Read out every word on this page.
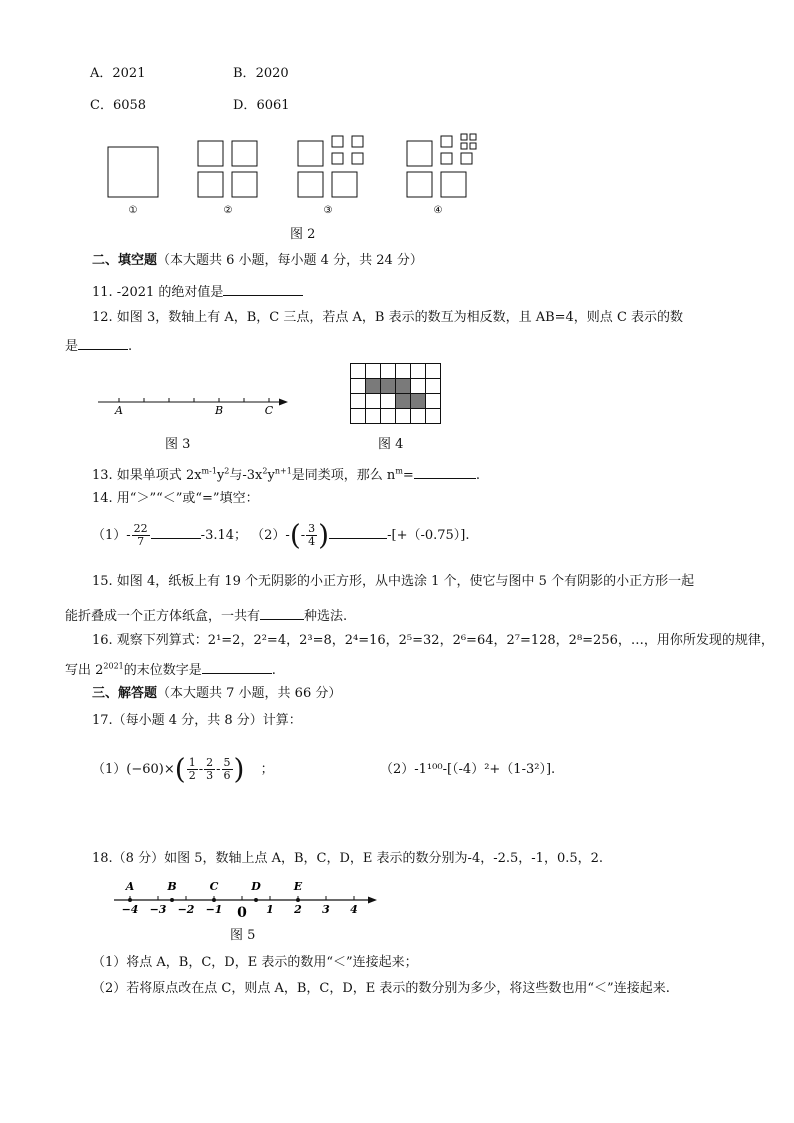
A．2021	B．2020
C．6058	D．6061
①	②	③	④
图 2
二、填空题（本大题共 6 小题，每小题 4 分，共 24 分）
11. -2021 的绝对值是
12. 如图 3，数轴上有 A，B，C 三点，若点 A，B 表示的数互为相反数，且 AB=4，则点 C 表示的数
是	.
A	B	C
图 3	图 4
13. 如果单项式 $2x^{m-1}y^2$与$-3x^2y^{n+1}$是同类项，那么 $n^m=$	.
14. 用“＞”“＜”或“=”填空：
$(1)- \frac{22}{7}$	-3.14； $(2)-(- \frac{3}{4}$ )	-[+（-0.75）].
15. 如图 4，纸板上有 19 个无阴影的小正方形，从中选涂 1 个，使它与图中 5 个有阴影的小正方形一起
能折叠成一个正方体纸盒，一共有	种选法.
16. 观察下列算式：2¹=2，2²=4，2³=8，2⁴=16，2⁵=32，2⁶=64，2⁷=128，2⁸=256，…，用你所发现的规律，
写出 $2^{2021}$的末位数字是	.
三、解答题（本大题共 7 小题，共 66 分）
17.（每小题 4 分，共 8 分）计算：
$(1)(-60)\times( \frac{1}{2} - \frac{2}{3} - \frac{5}{6}$ ) ；	（2）-1¹⁰⁰-[（-4）²+（1-3²）].
18.（8 分）如图 5，数轴上点 A，B，C，D，E 表示的数分别为-4，-2.5，-1，0.5，2.
A	B	C	D	E
−4 −3 −2 −1 0 1 2 3 4
图 5
（1）将点 A，B，C，D，E 表示的数用“＜”连接起来；
（2）若将原点改在点 C，则点 A，B，C，D，E 表示的数分别为多少，将这些数也用“＜”连接起来.
